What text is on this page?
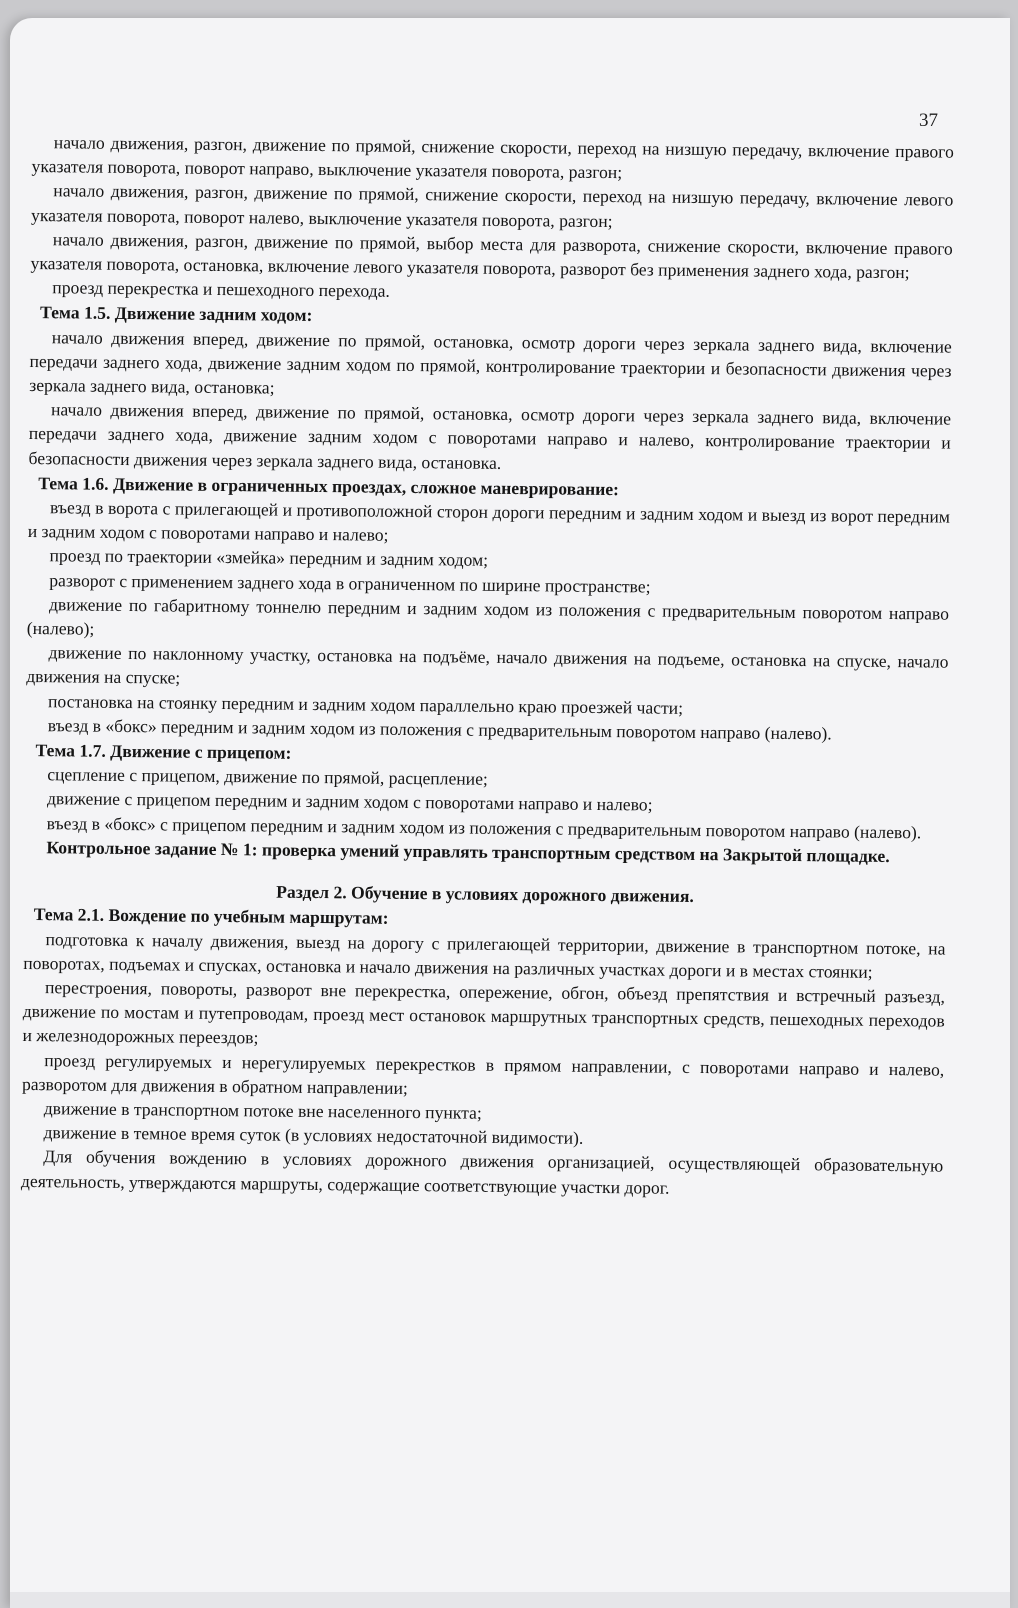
37

начало движения, разгон, движение по прямой, снижение скорости, переход на низшую передачу, включение правого указателя поворота, поворот направо, выключение указателя поворота, разгон;

начало движения, разгон, движение по прямой, снижение скорости, переход на низшую передачу, включение левого указателя поворота, поворот налево, выключение указателя поворота, разгон;

начало движения, разгон, движение по прямой, выбор места для разворота, снижение скорости, включение правого указателя поворота, остановка, включение левого указателя поворота, разворот без применения заднего хода, разгон;

проезд перекрестка и пешеходного перехода.

Тема 1.5. Движение задним ходом:

начало движения вперед, движение по прямой, остановка, осмотр дороги через зеркала заднего вида, включение передачи заднего хода, движение задним ходом по прямой, контролирование траектории и безопасности движения через зеркала заднего вида, остановка;

начало движения вперед, движение по прямой, остановка, осмотр дороги через зеркала заднего вида, включение передачи заднего хода, движение задним ходом с поворотами направо и налево, контролирование траектории и безопасности движения через зеркала заднего вида, остановка.

Тема 1.6. Движение в ограниченных проездах, сложное маневрирование:

въезд в ворота с прилегающей и противоположной сторон дороги передним и задним ходом и выезд из ворот передним и задним ходом с поворотами направо и налево;

проезд по траектории «змейка» передним и задним ходом;

разворот с применением заднего хода в ограниченном по ширине пространстве;

движение по габаритному тоннелю передним и задним ходом из положения с предварительным поворотом направо (налево);

движение по наклонному участку, остановка на подъёме, начало движения на подъеме, остановка на спуске, начало движения на спуске;

постановка на стоянку передним и задним ходом параллельно краю проезжей части;

въезд в «бокс» передним и задним ходом из положения с предварительным поворотом направо (налево).

Тема 1.7. Движение с прицепом:

сцепление с прицепом, движение по прямой, расцепление;

движение с прицепом передним и задним ходом с поворотами направо и налево;

въезд в «бокс» с прицепом передним и задним ходом из положения с предварительным поворотом направо (налево).

Контрольное задание № 1: проверка умений управлять транспортным средством на Закрытой площадке.

Раздел 2. Обучение в условиях дорожного движения.

Тема 2.1. Вождение по учебным маршрутам:

подготовка к началу движения, выезд на дорогу с прилегающей территории, движение в транспортном потоке, на поворотах, подъемах и спусках, остановка и начало движения на различных участках дороги и в местах стоянки;

перестроения, повороты, разворот вне перекрестка, опережение, обгон, объезд препятствия и встречный разъезд, движение по мостам и путепроводам, проезд мест остановок маршрутных транспортных средств, пешеходных переходов и железнодорожных переездов;

проезд регулируемых и нерегулируемых перекрестков в прямом направлении, с поворотами направо и налево, разворотом для движения в обратном направлении;

движение в транспортном потоке вне населенного пункта;

движение в темное время суток (в условиях недостаточной видимости).

Для обучения вождению в условиях дорожного движения организацией, осуществляющей образовательную деятельность, утверждаются маршруты, содержащие соответствующие участки дорог.
